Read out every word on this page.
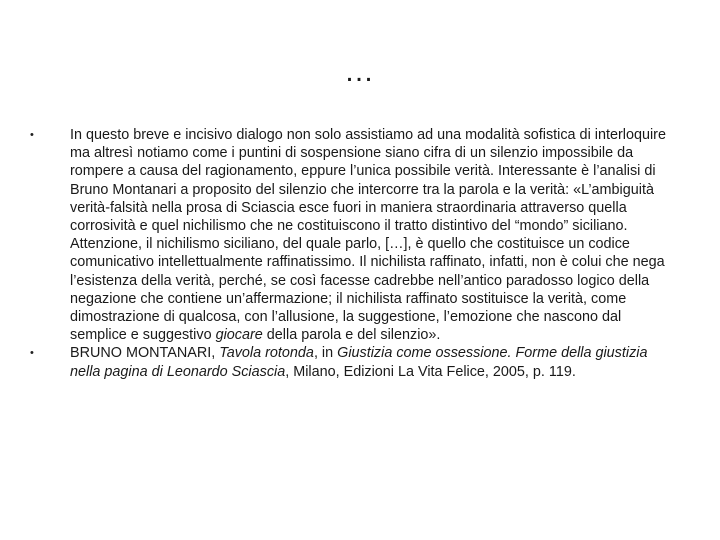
…
•	In questo breve e incisivo dialogo non solo assistiamo ad una modalità sofistica di interloquire ma altresì notiamo come i puntini di sospensione siano cifra di un silenzio impossibile da rompere a causa del ragionamento, eppure l’unica possibile verità. Interessante è l’analisi di Bruno Montanari a proposito del silenzio che intercorre tra la parola e la verità: «L’ambiguità verità-falsità nella prosa di Sciascia esce fuori in maniera straordinaria attraverso quella corrosività e quel nichilismo che ne costituiscono il tratto distintivo del “mondo” siciliano. Attenzione, il nichilismo siciliano, del quale parlo, […], è quello che costituisce un codice comunicativo intellettualmente raffinatissimo. Il nichilista raffinato, infatti, non è colui che nega l’esistenza della verità, perché, se così facesse cadrebbe nell’antico paradosso logico della negazione che contiene un’affermazione; il nichilista raffinato sostituisce la verità, come dimostrazione di qualcosa, con l’allusione, la suggestione, l’emozione che nascono dal semplice e suggestivo giocare della parola e del silenzio».
•	BRUNO MONTANARI, Tavola rotonda, in Giustizia come ossessione. Forme della giustizia nella pagina di Leonardo Sciascia, Milano, Edizioni La Vita Felice, 2005, p. 119.
